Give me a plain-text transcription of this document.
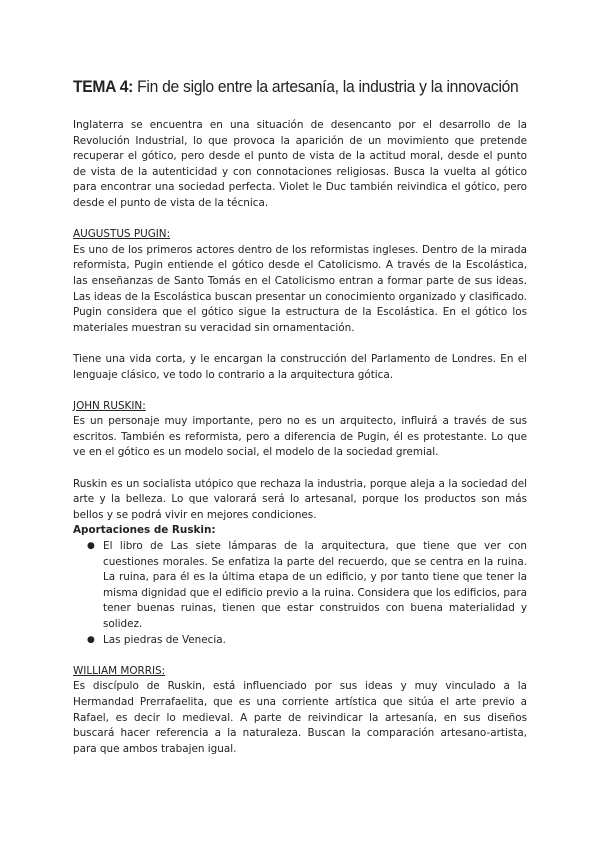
TEMA 4: Fin de siglo entre la artesanía, la industria y la innovación

Inglaterra se encuentra en una situación de desencanto por el desarrollo de la Revolución Industrial, lo que provoca la aparición de un movimiento que pretende recuperar el gótico, pero desde el punto de vista de la actitud moral, desde el punto de vista de la autenticidad y con connotaciones religiosas. Busca la vuelta al gótico para encontrar una sociedad perfecta. Violet le Duc también reivindica el gótico, pero desde el punto de vista de la técnica.

AUGUSTUS PUGIN:

Es uno de los primeros actores dentro de los reformistas ingleses. Dentro de la mirada reformista, Pugin entiende el gótico desde el Catolicismo. A través de la Escolástica, las enseñanzas de Santo Tomás en el Catolicismo entran a formar parte de sus ideas. Las ideas de la Escolástica buscan presentar un conocimiento organizado y clasificado. Pugin considera que el gótico sigue la estructura de la Escolástica. En el gótico los materiales muestran su veracidad sin ornamentación.

Tiene una vida corta, y le encargan la construcción del Parlamento de Londres. En el lenguaje clásico, ve todo lo contrario a la arquitectura gótica.

JOHN RUSKIN:

Es un personaje muy importante, pero no es un arquitecto, influirá a través de sus escritos. También es reformista, pero a diferencia de Pugin, él es protestante. Lo que ve en el gótico es un modelo social, el modelo de la sociedad gremial.

Ruskin es un socialista utópico que rechaza la industria, porque aleja a la sociedad del arte y la belleza. Lo que valorará será lo artesanal, porque los productos son más bellos y se podrá vivir en mejores condiciones.

Aportaciones de Ruskin:
● El libro de Las siete lámparas de la arquitectura, que tiene que ver con cuestiones morales. Se enfatiza la parte del recuerdo, que se centra en la ruina. La ruina, para él es la última etapa de un edificio, y por tanto tiene que tener la misma dignidad que el edificio previo a la ruina. Considera que los edificios, para tener buenas ruinas, tienen que estar construidos con buena materialidad y solidez.
● Las piedras de Venecia.
WILLIAM MORRIS:

Es discípulo de Ruskin, está influenciado por sus ideas y muy vinculado a la Hermandad Prerrafaelita, que es una corriente artística que sitúa el arte previo a Rafael, es decir lo medieval. A parte de reivindicar la artesanía, en sus diseños buscará hacer referencia a la naturaleza. Buscan la comparación artesano-artista, para que ambos trabajen igual.
